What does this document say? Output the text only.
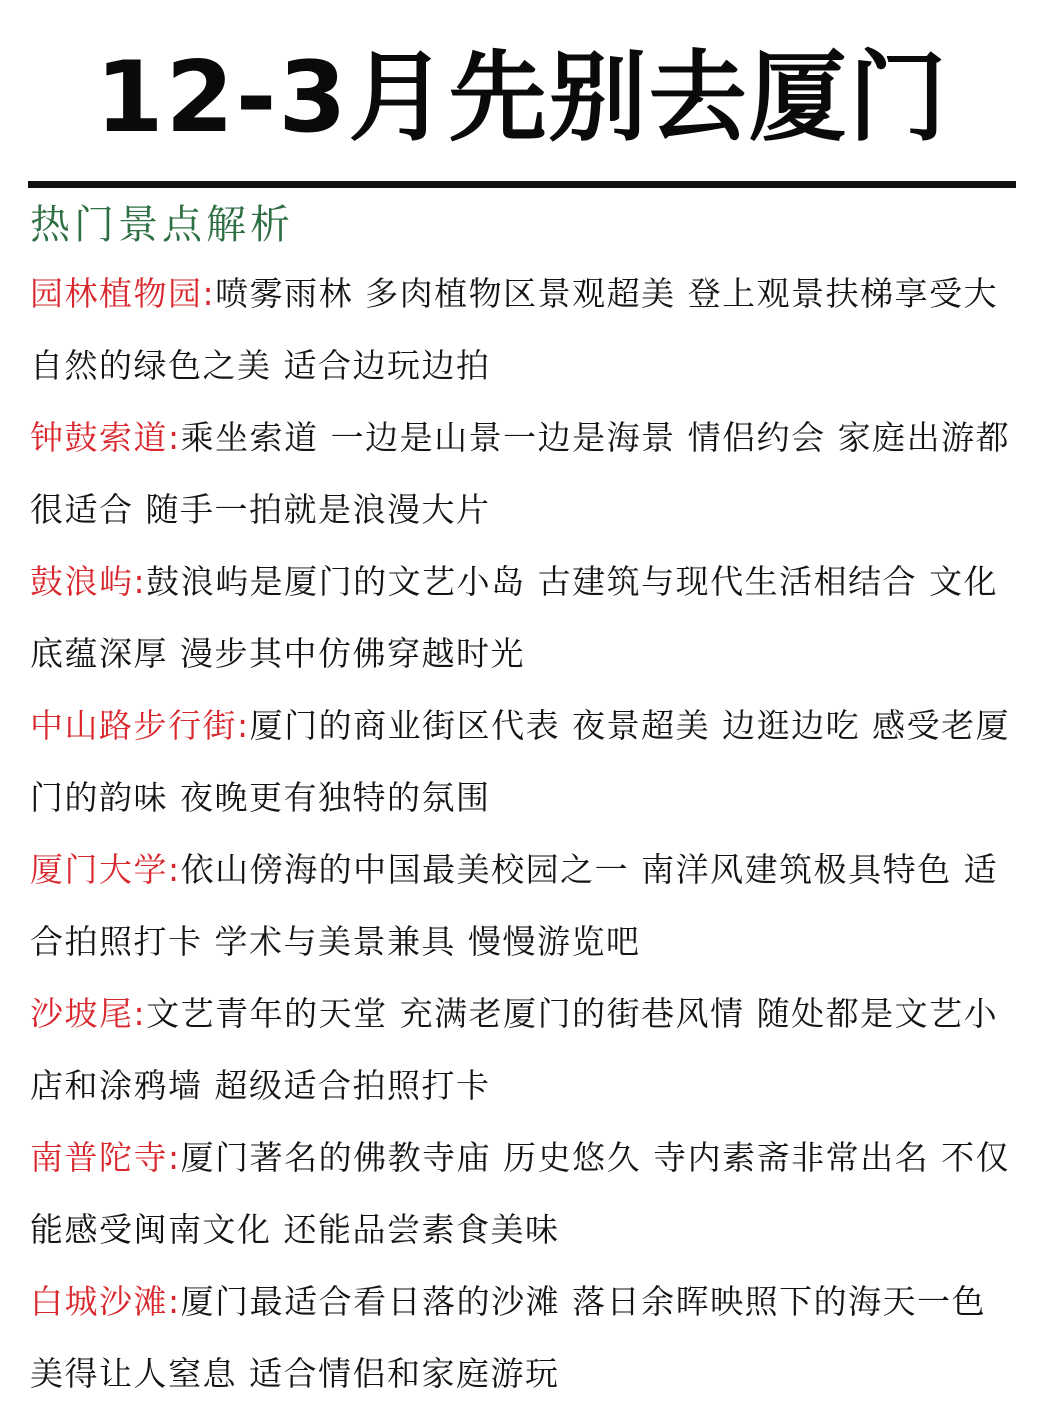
12-3月先别去厦门
热门景点解析
园林植物园:喷雾雨林 多肉植物区景观超美 登上观景扶梯享受大自然的绿色之美 适合边玩边拍
钟鼓索道:乘坐索道 一边是山景一边是海景 情侣约会 家庭出游都很适合 随手一拍就是浪漫大片
鼓浪屿:鼓浪屿是厦门的文艺小岛 古建筑与现代生活相结合 文化底蕴深厚 漫步其中仿佛穿越时光
中山路步行街:厦门的商业街区代表 夜景超美 边逛边吃 感受老厦门的韵味 夜晚更有独特的氛围
厦门大学:依山傍海的中国最美校园之一 南洋风建筑极具特色 适合拍照打卡 学术与美景兼具 慢慢游览吧
沙坡尾:文艺青年的天堂 充满老厦门的街巷风情 随处都是文艺小店和涂鸦墙 超级适合拍照打卡
南普陀寺:厦门著名的佛教寺庙 历史悠久 寺内素斋非常出名 不仅能感受闽南文化 还能品尝素食美味
白城沙滩:厦门最适合看日落的沙滩 落日余晖映照下的海天一色美得让人窒息 适合情侣和家庭游玩
